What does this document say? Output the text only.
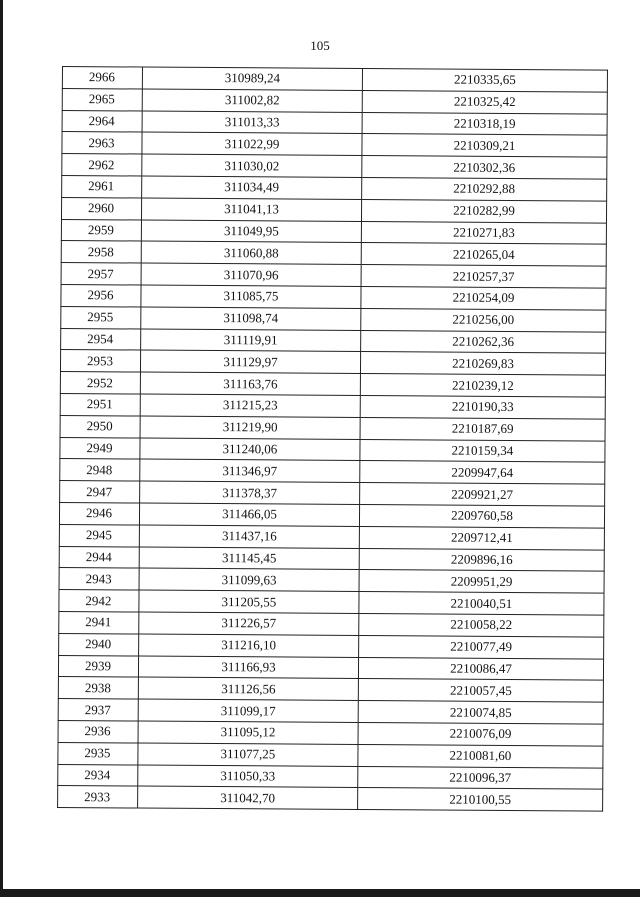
105
2966	310989,24	2210335,65
2965	311002,82	2210325,42
2964	311013,33	2210318,19
2963	311022,99	2210309,21
2962	311030,02	2210302,36
2961	311034,49	2210292,88
2960	311041,13	2210282,99
2959	311049,95	2210271,83
2958	311060,88	2210265,04
2957	311070,96	2210257,37
2956	311085,75	2210254,09
2955	311098,74	2210256,00
2954	311119,91	2210262,36
2953	311129,97	2210269,83
2952	311163,76	2210239,12
2951	311215,23	2210190,33
2950	311219,90	2210187,69
2949	311240,06	2210159,34
2948	311346,97	2209947,64
2947	311378,37	2209921,27
2946	311466,05	2209760,58
2945	311437,16	2209712,41
2944	311145,45	2209896,16
2943	311099,63	2209951,29
2942	311205,55	2210040,51
2941	311226,57	2210058,22
2940	311216,10	2210077,49
2939	311166,93	2210086,47
2938	311126,56	2210057,45
2937	311099,17	2210074,85
2936	311095,12	2210076,09
2935	311077,25	2210081,60
2934	311050,33	2210096,37
2933	311042,70	2210100,55
